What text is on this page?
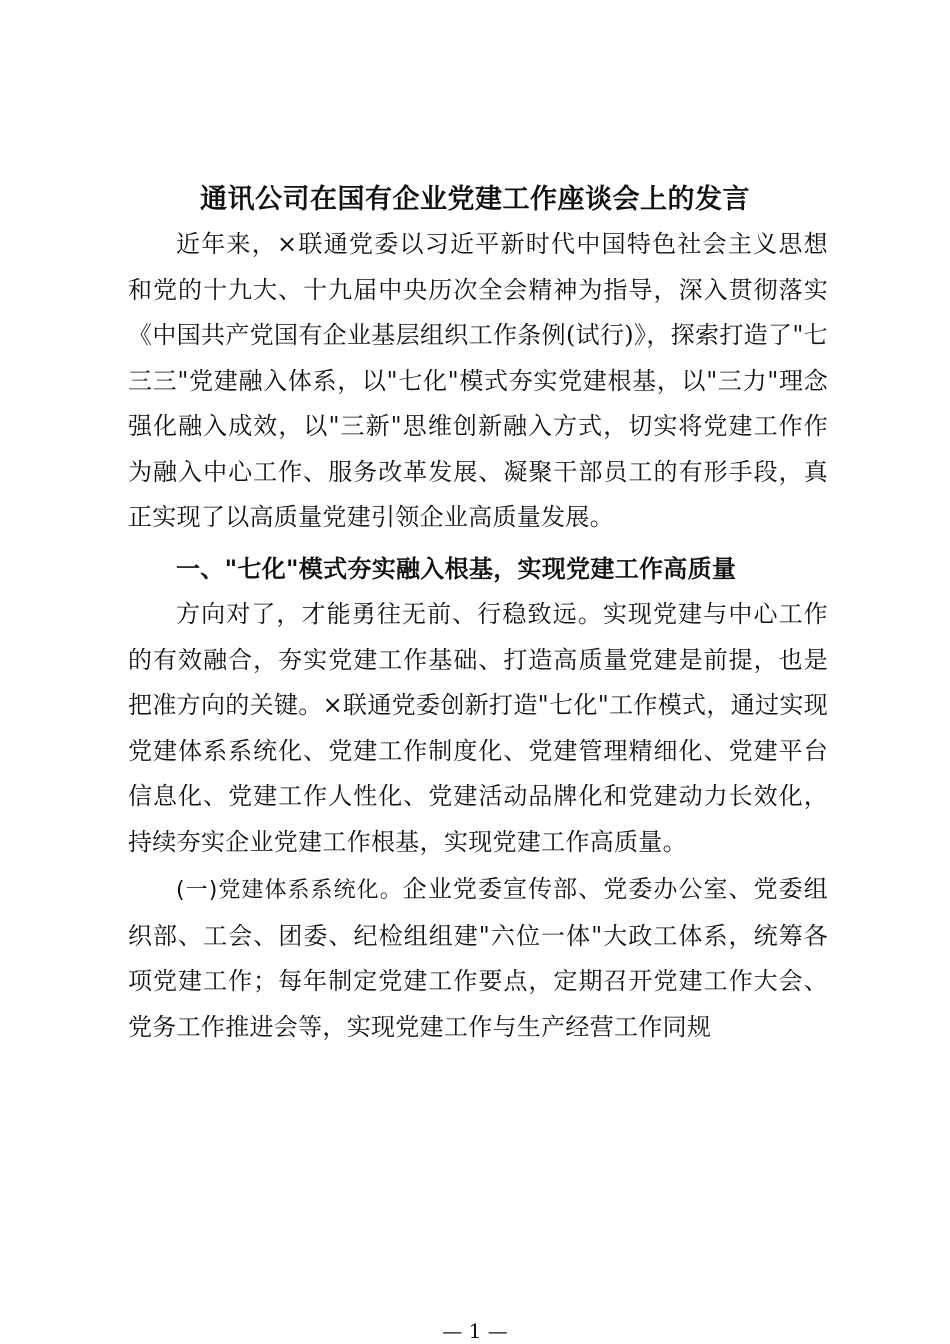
通讯公司在国有企业党建工作座谈会上的发言

近年来，×联通党委以习近平新时代中国特色社会主义思想和党的十九大、十九届中央历次全会精神为指导，深入贯彻落实《中国共产党国有企业基层组织工作条例(试行)》，探索打造了"七三三"党建融入体系，以"七化"模式夯实党建根基，以"三力"理念强化融入成效，以"三新"思维创新融入方式，切实将党建工作作为融入中心工作、服务改革发展、凝聚干部员工的有形手段，真正实现了以高质量党建引领企业高质量发展。

一、"七化"模式夯实融入根基，实现党建工作高质量

方向对了，才能勇往无前、行稳致远。实现党建与中心工作的有效融合，夯实党建工作基础、打造高质量党建是前提，也是把准方向的关键。×联通党委创新打造"七化"工作模式，通过实现党建体系系统化、党建工作制度化、党建管理精细化、党建平台信息化、党建工作人性化、党建活动品牌化和党建动力长效化，持续夯实企业党建工作根基，实现党建工作高质量。

(一)党建体系系统化。企业党委宣传部、党委办公室、党委组织部、工会、团委、纪检组组建"六位一体"大政工体系，统筹各项党建工作；每年制定党建工作要点，定期召开党建工作大会、党务工作推进会等，实现党建工作与生产经营工作同规

— 1 —
